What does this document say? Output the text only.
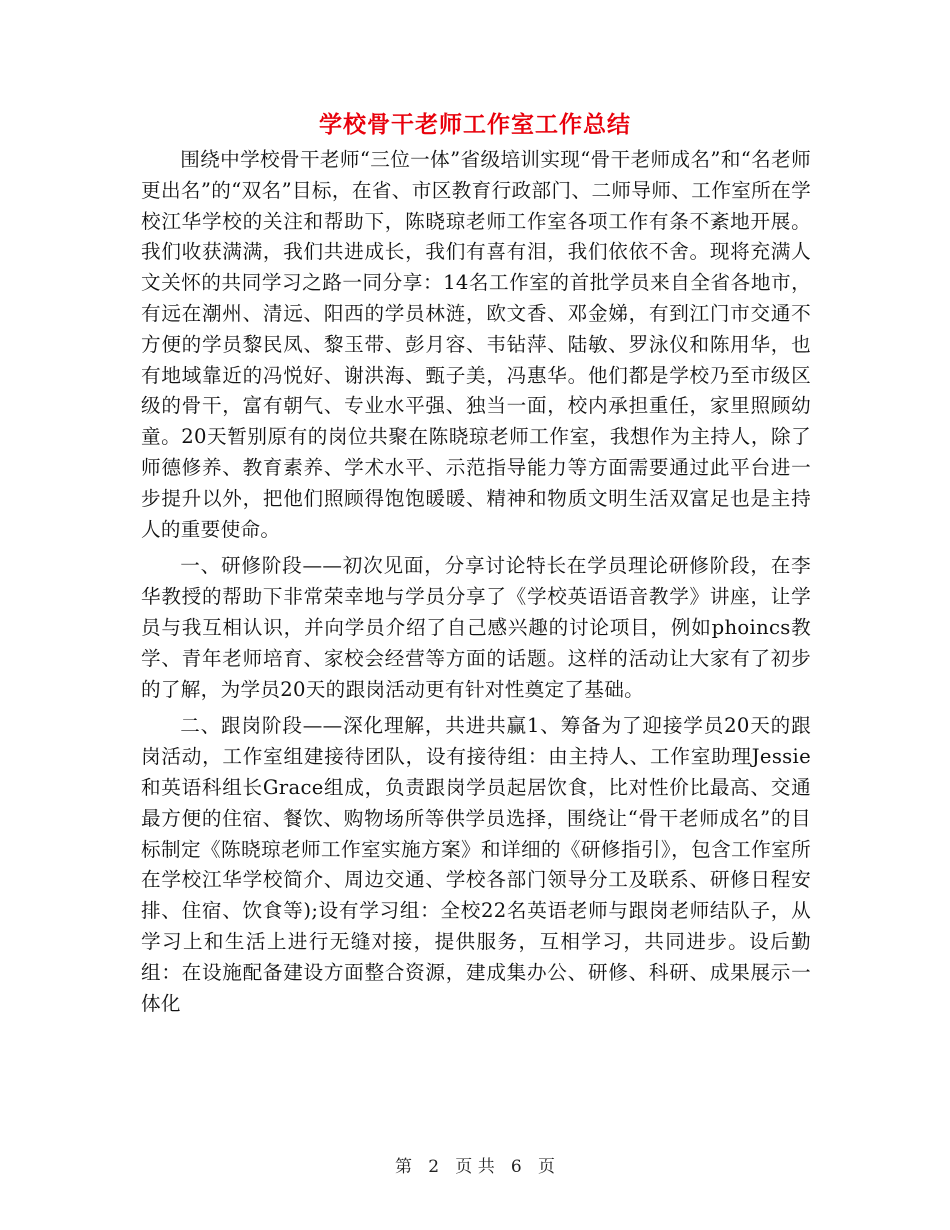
学校骨干老师工作室工作总结

围绕中学校骨干老师“三位一体”省级培训实现“骨干老师成名”和“名老师更出名”的“双名”目标，在省、市区教育行政部门、二师导师、工作室所在学校江华学校的关注和帮助下，陈晓琼老师工作室各项工作有条不紊地开展。我们收获满满，我们共进成长，我们有喜有泪，我们依依不舍。现将充满人文关怀的共同学习之路一同分享：14名工作室的首批学员来自全省各地市，有远在潮州、清远、阳西的学员林涟，欧文香、邓金娣，有到江门市交通不方便的学员黎民凤、黎玉带、彭月容、韦钻萍、陆敏、罗泳仪和陈用华，也有地域靠近的冯悦好、谢洪海、甄子美，冯惠华。他们都是学校乃至市级区级的骨干，富有朝气、专业水平强、独当一面，校内承担重任，家里照顾幼童。20天暂别原有的岗位共聚在陈晓琼老师工作室，我想作为主持人，除了师德修养、教育素养、学术水平、示范指导能力等方面需要通过此平台进一步提升以外，把他们照顾得饱饱暖暖、精神和物质文明生活双富足也是主持人的重要使命。

一、研修阶段——初次见面，分享讨论特长在学员理论研修阶段，在李华教授的帮助下非常荣幸地与学员分享了《学校英语语音教学》讲座，让学员与我互相认识，并向学员介绍了自己感兴趣的讨论项目，例如phoincs教学、青年老师培育、家校会经营等方面的话题。这样的活动让大家有了初步的了解，为学员20天的跟岗活动更有针对性奠定了基础。

二、跟岗阶段——深化理解，共进共赢1、筹备为了迎接学员20天的跟岗活动，工作室组建接待团队，设有接待组：由主持人、工作室助理Jessie和英语科组长Grace组成，负责跟岗学员起居饮食，比对性价比最高、交通最方便的住宿、餐饮、购物场所等供学员选择，围绕让“骨干老师成名”的目标制定《陈晓琼老师工作室实施方案》和详细的《研修指引》，包含工作室所在学校江华学校简介、周边交通、学校各部门领导分工及联系、研修日程安排、住宿、饮食等);设有学习组：全校22名英语老师与跟岗老师结队子，从学习上和生活上进行无缝对接，提供服务，互相学习，共同进步。设后勤组：在设施配备建设方面整合资源，建成集办公、研修、科研、成果展示一体化

第 2 页 共 6 页
